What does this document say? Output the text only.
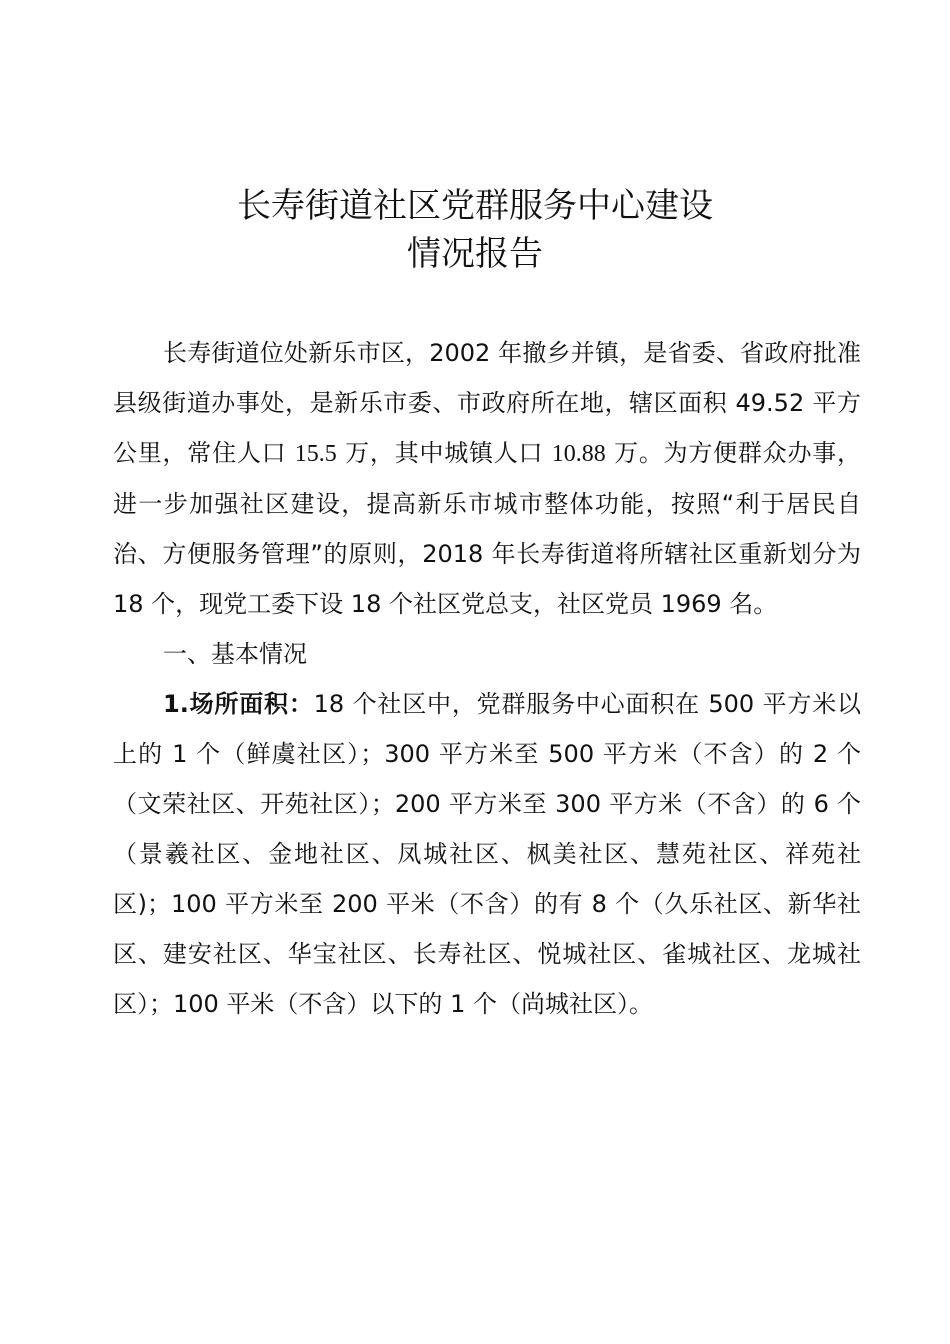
长寿街道社区党群服务中心建设
情况报告

长寿街道位处新乐市区，2002 年撤乡并镇，是省委、省政府批准县级街道办事处，是新乐市委、市政府所在地，辖区面积 49.52 平方公里，常住人口 15.5 万，其中城镇人口 10.88 万。为方便群众办事，进一步加强社区建设，提高新乐市城市整体功能，按照“利于居民自治、方便服务管理”的原则，2018 年长寿街道将所辖社区重新划分为 18 个，现党工委下设 18 个社区党总支，社区党员 1969 名。

一、基本情况

1.场所面积：18 个社区中，党群服务中心面积在 500 平方米以上的 1 个（鲜虞社区）；300 平方米至 500 平方米（不含）的 2 个（文荣社区、开苑社区）；200 平方米至 300 平方米（不含）的 6 个（景羲社区、金地社区、凤城社区、枫美社区、慧苑社区、祥苑社区)；100 平方米至 200 平米（不含）的有 8 个（久乐社区、新华社区、建安社区、华宝社区、长寿社区、悦城社区、雀城社区、龙城社区）；100 平米（不含）以下的 1 个（尚城社区）。
